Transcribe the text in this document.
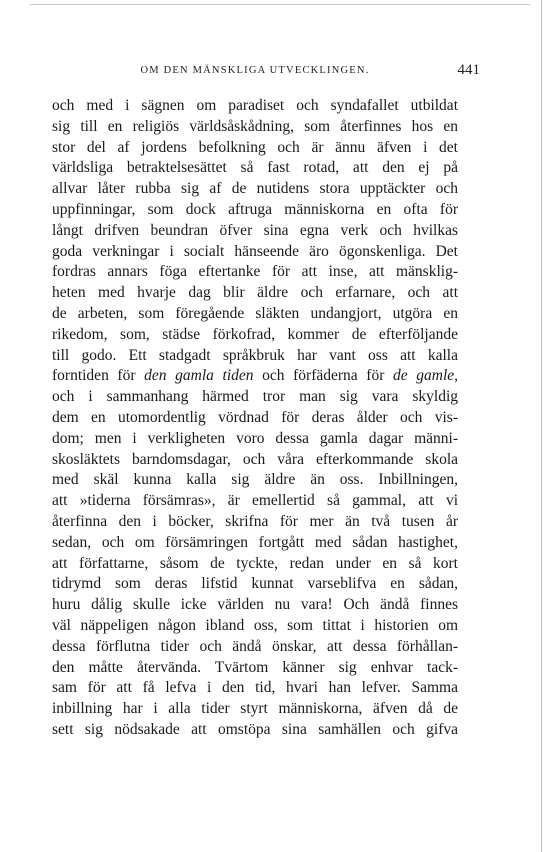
OM DEN MÄNSKLIGA UTVECKLINGEN.	441
och med i sägnen om paradiset och syndafallet utbildat
sig till en religiös världsåskådning, som återfinnes hos en
stor del af jordens befolkning och är ännu äfven i det
världsliga betraktelsesättet så fast rotad, att den ej på
allvar låter rubba sig af de nutidens stora upptäckter och
uppfinningar, som dock aftruga människorna en ofta för
långt drifven beundran öfver sina egna verk och hvilkas
goda verkningar i socialt hänseende äro ögonskenliga. Det
fordras annars föga eftertanke för att inse, att mänsklig-
heten med hvarje dag blir äldre och erfarnare, och att
de arbeten, som föregående släkten undangjort, utgöra en
rikedom, som, städse förkofrad, kommer de efterföljande
till godo. Ett stadgadt språkbruk har vant oss att kalla
forntiden för den gamla tiden och förfäderna för de gamle,
och i sammanhang härmed tror man sig vara skyldig
dem en utomordentlig vördnad för deras ålder och vis-
dom; men i verkligheten voro dessa gamla dagar männi-
skosläktets barndomsdagar, och våra efterkommande skola
med skäl kunna kalla sig äldre än oss. Inbillningen,
att »tiderna försämras», är emellertid så gammal, att vi
återfinna den i böcker, skrifna för mer än två tusen år
sedan, och om försämringen fortgått med sådan hastighet,
att författarne, såsom de tyckte, redan under en så kort
tidrymd som deras lifstid kunnat varseblifva en sådan,
huru dålig skulle icke världen nu vara! Och ändå finnes
väl näppeligen någon ibland oss, som tittat i historien om
dessa förflutna tider och ändå önskar, att dessa förhållan-
den måtte återvända. Tvärtom känner sig enhvar tack-
sam för att få lefva i den tid, hvari han lefver. Samma
inbillning har i alla tider styrt människorna, äfven då de
sett sig nödsakade att omstöpa sina samhällen och gifva
